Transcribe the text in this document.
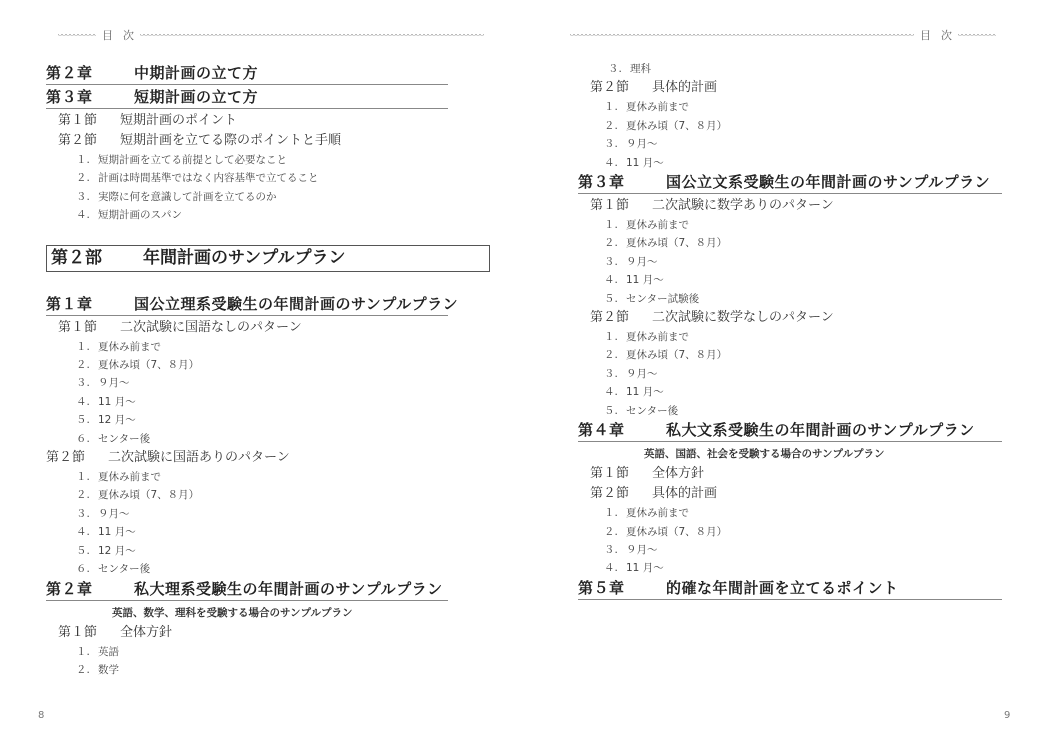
目次
第２章	中期計画の立て方
第３章	短期計画の立て方
第１節 短期計画のポイント
第２節 短期計画を立てる際のポイントと手順
１. 短期計画を立てる前提として必要なこと
２. 計画は時間基準ではなく内容基準で立てること
３. 実際に何を意識して計画を立てるのか
４. 短期計画のスパン
第２部 年間計画のサンプルプラン
第１章	国公立理系受験生の年間計画のサンプルプラン
第１節 二次試験に国語なしのパターン
１. 夏休み前まで
２. 夏休み頃（7、８月）
３. ９月～
４. 11 月～
５. 12 月～
６. センター後
第２節 二次試験に国語ありのパターン
１. 夏休み前まで
２. 夏休み頃（7、８月）
３. ９月～
４. 11 月～
５. 12 月～
６. センター後
第２章	私大理系受験生の年間計画のサンプルプラン
英語、数学、理科を受験する場合のサンプルプラン
第１節 全体方針
１. 英語
２. 数学
8
目次
３. 理科
第２節 具体的計画
１. 夏休み前まで
２. 夏休み頃（7、８月）
３. ９月～
４. 11 月～
第３章	国公立文系受験生の年間計画のサンプルプラン
第１節 二次試験に数学ありのパターン
１. 夏休み前まで
２. 夏休み頃（7、８月）
３. ９月～
４. 11 月～
５. センター試験後
第２節 二次試験に数学なしのパターン
１. 夏休み前まで
２. 夏休み頃（7、８月）
３. ９月～
４. 11 月～
５. センター後
第４章	私大文系受験生の年間計画のサンプルプラン
英語、国語、社会を受験する場合のサンプルプラン
第１節 全体方針
第２節 具体的計画
１. 夏休み前まで
２. 夏休み頃（7、８月）
３. ９月～
４. 11 月～
第５章	的確な年間計画を立てるポイント
9
